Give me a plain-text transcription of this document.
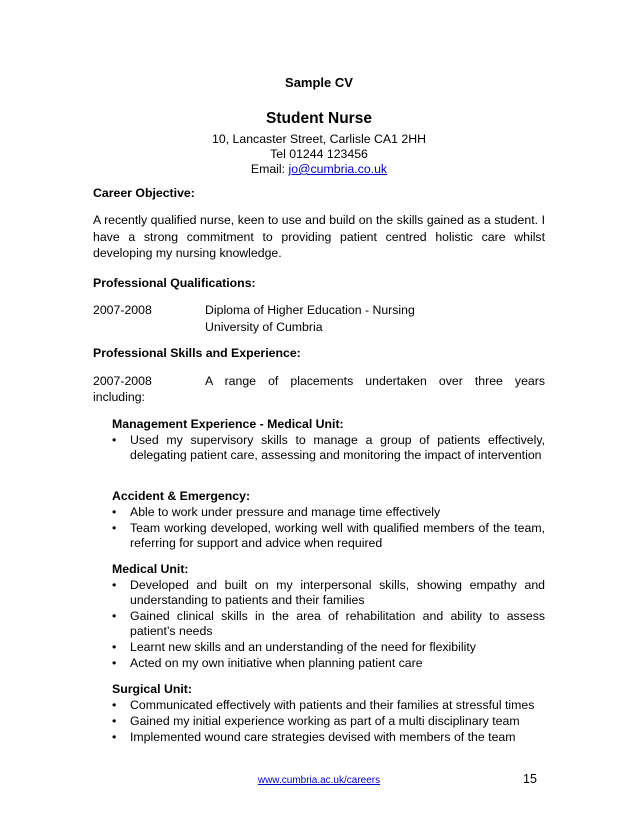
Sample CV
Student Nurse
10, Lancaster Street, Carlisle CA1 2HH
Tel 01244 123456
Email: jo@cumbria.co.uk
Career Objective:
A recently qualified nurse, keen to use and build on the skills gained as a student. I have a strong commitment to providing patient centred holistic care whilst developing my nursing knowledge.
Professional Qualifications:
2007-2008	Diploma of Higher Education - Nursing
University of Cumbria
Professional Skills and Experience:
2007-2008	A range of placements undertaken over three years
including:
Management Experience - Medical Unit:
• Used my supervisory skills to manage a group of patients effectively, delegating patient care, assessing and monitoring the impact of intervention
Accident & Emergency:
• Able to work under pressure and manage time effectively
• Team working developed, working well with qualified members of the team, referring for support and advice when required
Medical Unit:
• Developed and built on my interpersonal skills, showing empathy and understanding to patients and their families
• Gained clinical skills in the area of rehabilitation and ability to assess patient’s needs
• Learnt new skills and an understanding of the need for flexibility
• Acted on my own initiative when planning patient care
Surgical Unit:
• Communicated effectively with patients and their families at stressful times
• Gained my initial experience working as part of a multi disciplinary team
• Implemented wound care strategies devised with members of the team
www.cumbria.ac.uk/careers	15
